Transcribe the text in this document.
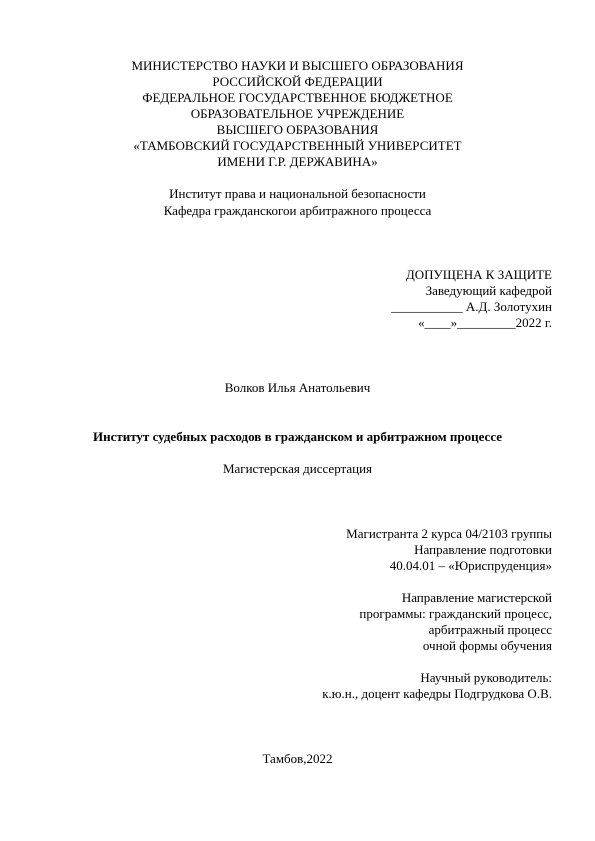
МИНИСТЕРСТВО НАУКИ И ВЫСШЕГО ОБРАЗОВАНИЯ
РОССИЙСКОЙ ФЕДЕРАЦИИ
ФЕДЕРАЛЬНОЕ ГОСУДАРСТВЕННОЕ БЮДЖЕТНОЕ
ОБРАЗОВАТЕЛЬНОЕ УЧРЕЖДЕНИЕ
ВЫСШЕГО ОБРАЗОВАНИЯ
«ТАМБОВСКИЙ ГОСУДАРСТВЕННЫЙ УНИВЕРСИТЕТ
ИМЕНИ Г.Р. ДЕРЖАВИНА»
Институт права и национальной безопасности
Кафедра гражданскогои арбитражного процесса
ДОПУЩЕНА К ЗАЩИТЕ
Заведующий кафедрой
___________ А.Д. Золотухин
«____»_________2022 г.
Волков Илья Анатольевич
Институт судебных расходов в гражданском и арбитражном процессе
Магистерская диссертация
Магистранта 2 курса 04/2103 группы
Направление подготовки
40.04.01 – «Юриспруденция»
Направление магистерской
программы: гражданский процесс,
арбитражный процесс
очной формы обучения
Научный руководитель:
к.ю.н., доцент кафедры Подгрудкова О.В.
Тамбов,2022
